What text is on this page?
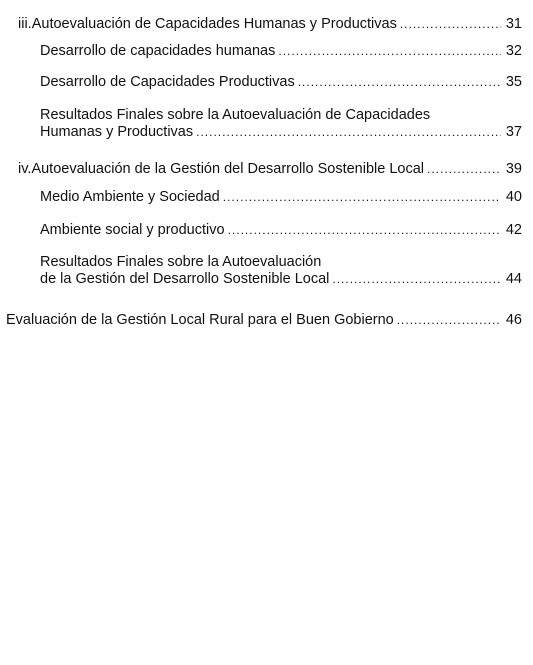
iii. Autoevaluación de Capacidades Humanas y Productivas .....	31
Desarrollo de capacidades humanas .....	32
Desarrollo de Capacidades Productivas .....	35
Resultados Finales sobre la Autoevaluación de Capacidades
Humanas y Productivas .....	37
iv. Autoevaluación de la Gestión del Desarrollo Sostenible Local .....	39
Medio Ambiente y Sociedad .....	40
Ambiente social y productivo .....	42
Resultados Finales sobre la Autoevaluación
de la Gestión del Desarrollo Sostenible Local .....	44
Evaluación de la Gestión Local Rural para el Buen Gobierno .....	46
